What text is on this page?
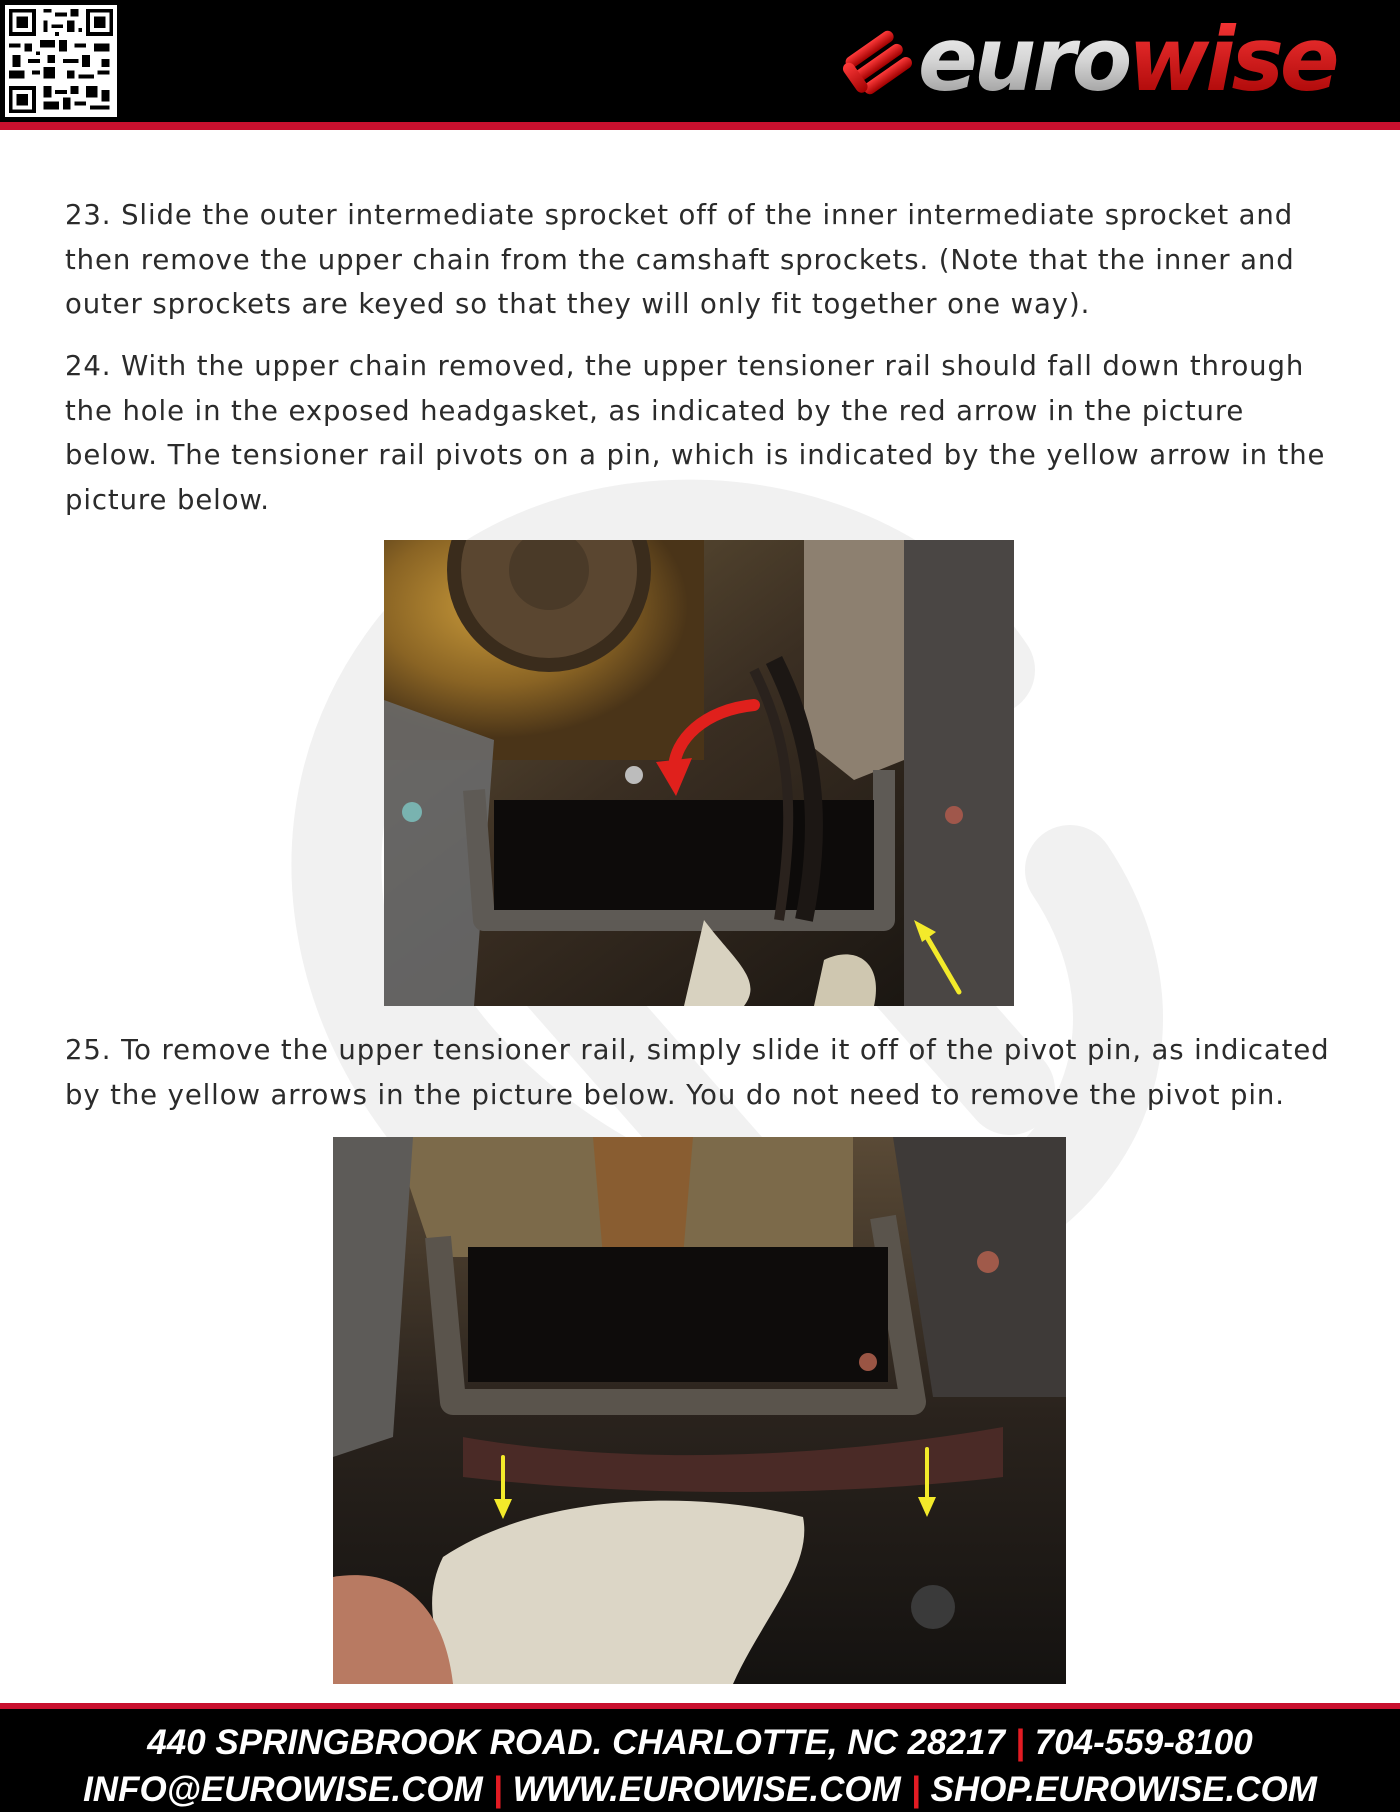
euro wise

23. Slide the outer intermediate sprocket off of the inner intermediate sprocket and then remove the upper chain from the camshaft sprockets. (Note that the inner and outer sprockets are keyed so that they will only fit together one way).

24. With the upper chain removed, the upper tensioner rail should fall down through the hole in the exposed headgasket, as indicated by the red arrow in the picture below. The tensioner rail pivots on a pin, which is indicated by the yellow arrow in the picture below.

25. To remove the upper tensioner rail, simply slide it off of the pivot pin, as indicated by the yellow arrows in the picture below. You do not need to remove the pivot pin.

440 SPRINGBROOK ROAD. CHARLOTTE, NC 28217 | 704-559-8100
INFO@EUROWISE.COM | WWW.EUROWISE.COM | SHOP.EUROWISE.COM
